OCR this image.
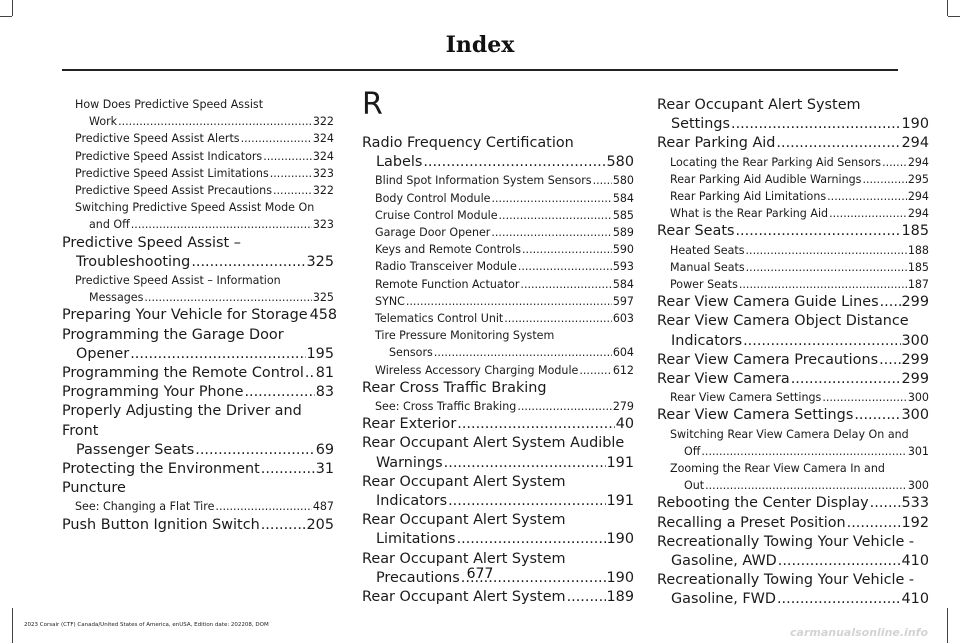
Index
How Does Predictive Speed Assist
Work .....	322
Predictive Speed Assist Alerts .....	324
Predictive Speed Assist Indicators .....	324
Predictive Speed Assist Limitations .....	323
Predictive Speed Assist Precautions .....	322
Switching Predictive Speed Assist Mode On
and Off .....	323
Predictive Speed Assist –
Troubleshooting .....	325
Predictive Speed Assist – Information
Messages .....	325
Preparing Your Vehicle for Storage 458
Programming the Garage Door
Opener .....	195
Programming the Remote Control ..... 81
Programming Your Phone .....	83
Properly Adjusting the Driver and Front
Passenger Seats .....	69
Protecting the Environment .....	31
Puncture
See: Changing a Flat Tire .....	487
Push Button Ignition Switch .....	205
R
Radio Frequency Certification
Labels .....	580
Blind Spot Information System Sensors ..... 580
Body Control Module .....	584
Cruise Control Module .....	585
Garage Door Opener .....	589
Keys and Remote Controls .....	590
Radio Transceiver Module .....	593
Remote Function Actuator .....	584
SYNC .....	597
Telematics Control Unit .....	603
Tire Pressure Monitoring System
Sensors .....	604
Wireless Accessory Charging Module .....	612
Rear Cross Traffic Braking
See: Cross Traffic Braking .....	279
Rear Exterior .....	40
Rear Occupant Alert System Audible
Warnings .....	191
Rear Occupant Alert System
Indicators .....	191
Rear Occupant Alert System
Limitations .....	190
Rear Occupant Alert System
Precautions .....	190
Rear Occupant Alert System .....	189
Rear Occupant Alert System
Settings .....	190
Rear Parking Aid .....	294
Locating the Rear Parking Aid Sensors ..... 294
Rear Parking Aid Audible Warnings .....	295
Rear Parking Aid Limitations .....	294
What is the Rear Parking Aid .....	294
Rear Seats .....	185
Heated Seats .....	188
Manual Seats .....	185
Power Seats .....	187
Rear View Camera Guide Lines ..... 299
Rear View Camera Object Distance
Indicators .....	300
Rear View Camera Precautions ..... 299
Rear View Camera .....	299
Rear View Camera Settings .....	300
Rear View Camera Settings .....	300
Switching Rear View Camera Delay On and
Off .....	301
Zooming the Rear View Camera In and
Out .....	300
Rebooting the Center Display ..... 533
Recalling a Preset Position .....	192
Recreationally Towing Your Vehicle -
Gasoline, AWD .....	410
Recreationally Towing Your Vehicle -
Gasoline, FWD .....	410
677
2023 Corsair (CTF) Canada/United States of America, enUSA, Edition date: 202208, DOM
carmanualsonline.info
